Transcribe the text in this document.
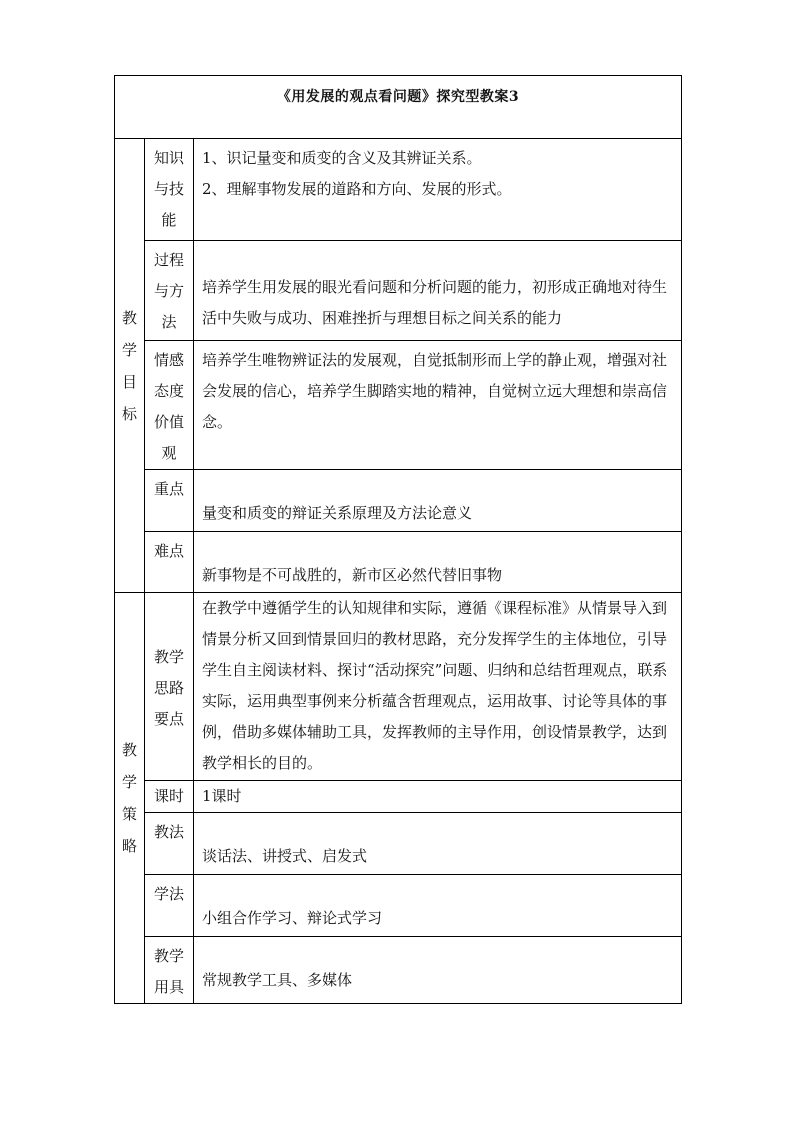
《用发展的观点看问题》探究型教案3		

教学目标	知识与技能	1、识记量变和质变的含义及其辨证关系。

2、理解事物发展的道路和方向、发展的形式。

	过程与方法	培养学生用发展的眼光看问题和分析问题的能力，初形成正确地对待生活中失败与成功、困难挫折与理想目标之间关系的能力

	情感态度价值观	培养学生唯物辨证法的发展观，自觉抵制形而上学的静止观，增强对社会发展的信心，培养学生脚踏实地的精神，自觉树立远大理想和崇高信念。

	重点	量变和质变的辩证关系原理及方法论意义

	难点	新事物是不可战胜的，新市区必然代替旧事物

教学策略	教学思路要点	在教学中遵循学生的认知规律和实际，遵循《课程标准》从情景导入到情景分析又回到情景回归的教材思路，充分发挥学生的主体地位，引导学生自主阅读材料、探讨“活动探究”问题、归纳和总结哲理观点，联系实际，运用典型事例来分析蕴含哲理观点，运用故事、讨论等具体的事例，借助多媒体辅助工具，发挥教师的主导作用，创设情景教学，达到教学相长的目的。

	课时	1课时

	教法	谈话法、讲授式、启发式

	学法	小组合作学习、辩论式学习

	教学用具	常规教学工具、多媒体
